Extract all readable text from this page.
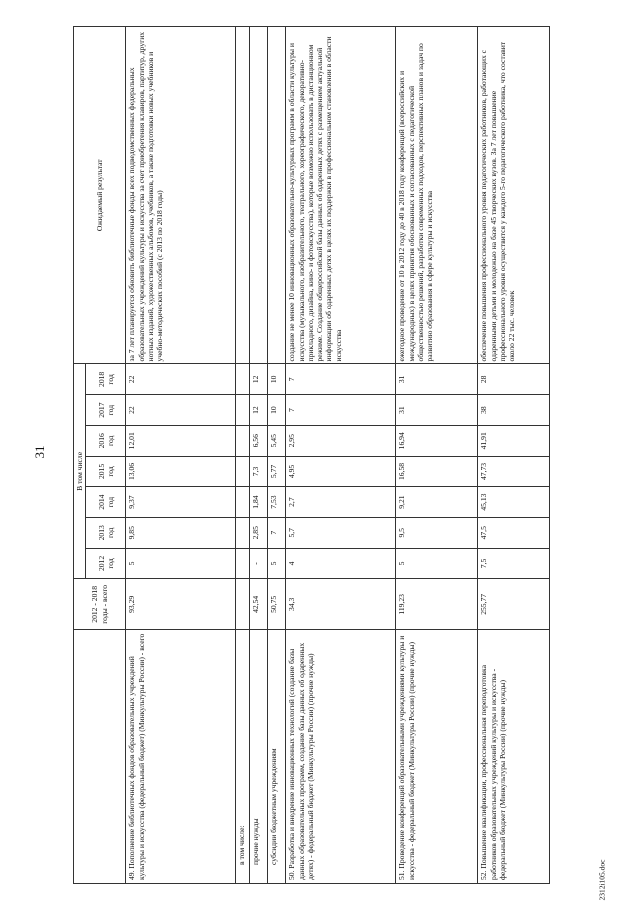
31
2312i105.doc
	2012 - 2018 годы - всего	В том числе							Ожидаемый результат
		2012 год	2013 год	2014 год	2015 год	2016 год	2017 год	2018 год	
49. Пополнение библиотечных фондов образовательных учреждений культуры и искусства (федеральный бюджет) (Минкультуры России) - всего	93,29	5	9,85	9,37	13,06	12,01	22	22	за 7 лет планируется обновить библиотечные фонды всех подведомственных федеральных образовательных учреждений культуры и искусства за счет приобретения клавиров, партитур, других нотных изданий, художественных альбомов, учебников, а также подготовки новых учебников и учебно-методических пособий (с 2013 по 2018 годы)
в том числе:									
прочие нужды	42,54	-	2,85	1,84	7,3	6,56	12	12	
субсидии бюджетным учреждениям	50,75	5	7	7,53	5,77	5,45	10	10	
50. Разработка и внедрение инновационных технологий (создание базы данных образовательных программ, создание базы данных об одаренных детях) - федеральный бюджет (Минкультуры России) (прочие нужды)	34,3	4	5,7	2,7	4,95	2,95	7	7	создание не менее 10 инновационных образовательно-культурных программ в области культуры и искусства (музыкального, изобразительного, театрального, хореографического, декоративно-прикладного, дизайна, кино- и фотоискусства), которые возможно использовать в дистанционном режиме. Создание общероссийской базы данных об одаренных детях с размещением актуальной информации об одаренных детях в целях их поддержки в профессиональном становлении в области искусства
51. Проведение конференций образовательными учреждениями культуры и искусства - федеральный бюджет (Минкультуры России) (прочие нужды)	119,23	5	9,5	9,21	16,58	16,94	31	31	ежегодное проведение от 10 в 2012 году до 40 в 2018 году конференций (всероссийских и международных) в целях принятия обоснованных и согласованных с педагогической общественностью решений, разработки современных подходов, перспективных планов и задач по развитию образования в сфере культуры и искусства
52. Повышение квалификации, профессиональная переподготовка работников образовательных учреждений культуры и искусства - федеральный бюджет (Минкультуры России) (прочие нужды)	255,77	7,5	47,5	45,13	47,73	41,91	38	28	обеспечение повышения профессионального уровня педагогических работников, работающих с одаренными детьми и молодежью на базе 45 творческих вузов. За 7 лет повышение профессионального уровня осуществится у каждого 5-го педагогического работника, что составит около 22 тыс. человек
